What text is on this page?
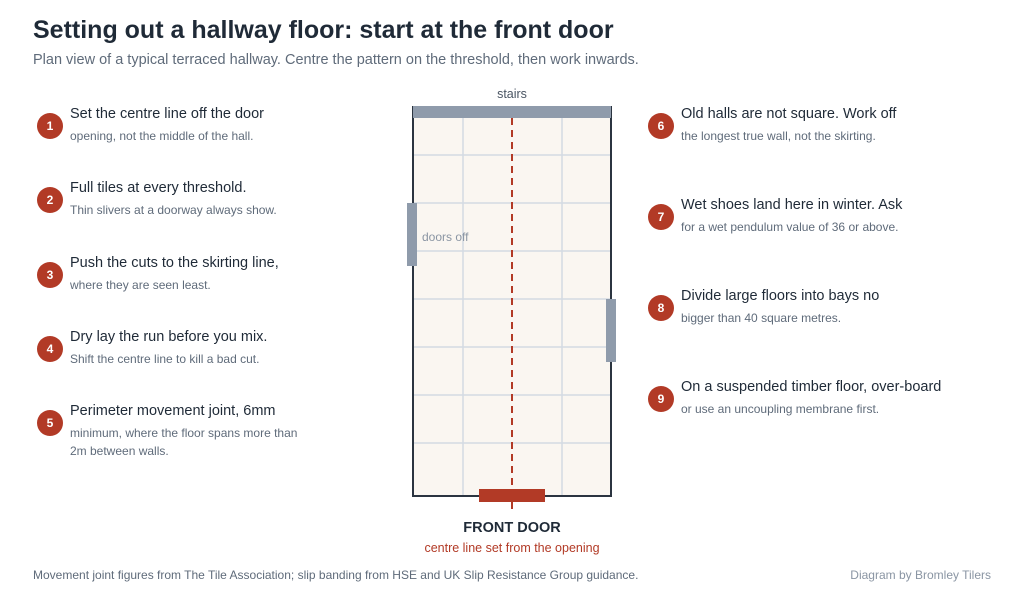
Setting out a hallway floor: start at the front door
Plan view of a typical terraced hallway. Centre the pattern on the threshold, then work inwards.
1
Set the centre line off the door
opening, not the middle of the hall.
2
Full tiles at every threshold.
Thin slivers at a doorway always show.
3
Push the cuts to the skirting line,
where they are seen least.
4
Dry lay the run before you mix.
Shift the centre line to kill a bad cut.
5
Perimeter movement joint, 6mm
minimum, where the floor spans more than 2m between walls.
6
Old halls are not square. Work off
the longest true wall, not the skirting.
7
Wet shoes land here in winter. Ask
for a wet pendulum value of 36 or above.
8
Divide large floors into bays no
bigger than 40 square metres.
9
On a suspended timber floor, over-board
or use an uncoupling membrane first.
stairs
doors off
FRONT DOOR
centre line set from the opening
Movement joint figures from The Tile Association; slip banding from HSE and UK Slip Resistance Group guidance.	Diagram by Bromley Tilers
